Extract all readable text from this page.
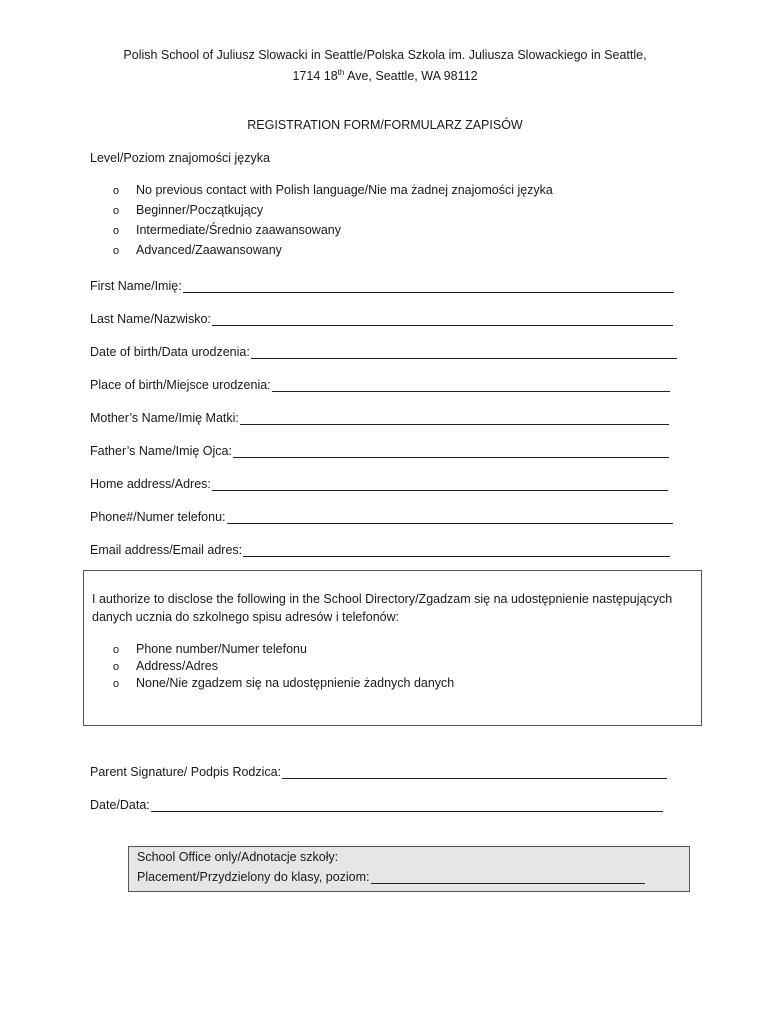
Polish School of Juliusz Slowacki in Seattle/Polska Szkola im. Juliusza Slowackiego in Seattle,
1714 18th Ave, Seattle, WA 98112
REGISTRATION FORM/FORMULARZ ZAPISÓW
Level/Poziom znajomości języka
o No previous contact with Polish language/Nie ma żadnej znajomości języka
o Beginner/Początkujący
o Intermediate/Średnio zaawansowany
o Advanced/Zaawansowany
First Name/Imię:
Last Name/Nazwisko:
Date of birth/Data urodzenia:
Place of birth/Miejsce urodzenia:
Mother’s Name/Imię Matki:
Father’s Name/Imię Ojca:
Home address/Adres:
Phone#/Numer telefonu:
Email address/Email adres:
I authorize to disclose the following in the School Directory/Zgadzam się na udostępnienie następujących danych ucznia do szkolnego spisu adresów i telefonów:
o Phone number/Numer telefonu
o Address/Adres
o None/Nie zgadzem się na udostępnienie żadnych danych
Parent Signature/ Podpis Rodzica:
Date/Data:
School Office only/Adnotacje szkoły:
Placement/Przydzielony do klasy, poziom:
